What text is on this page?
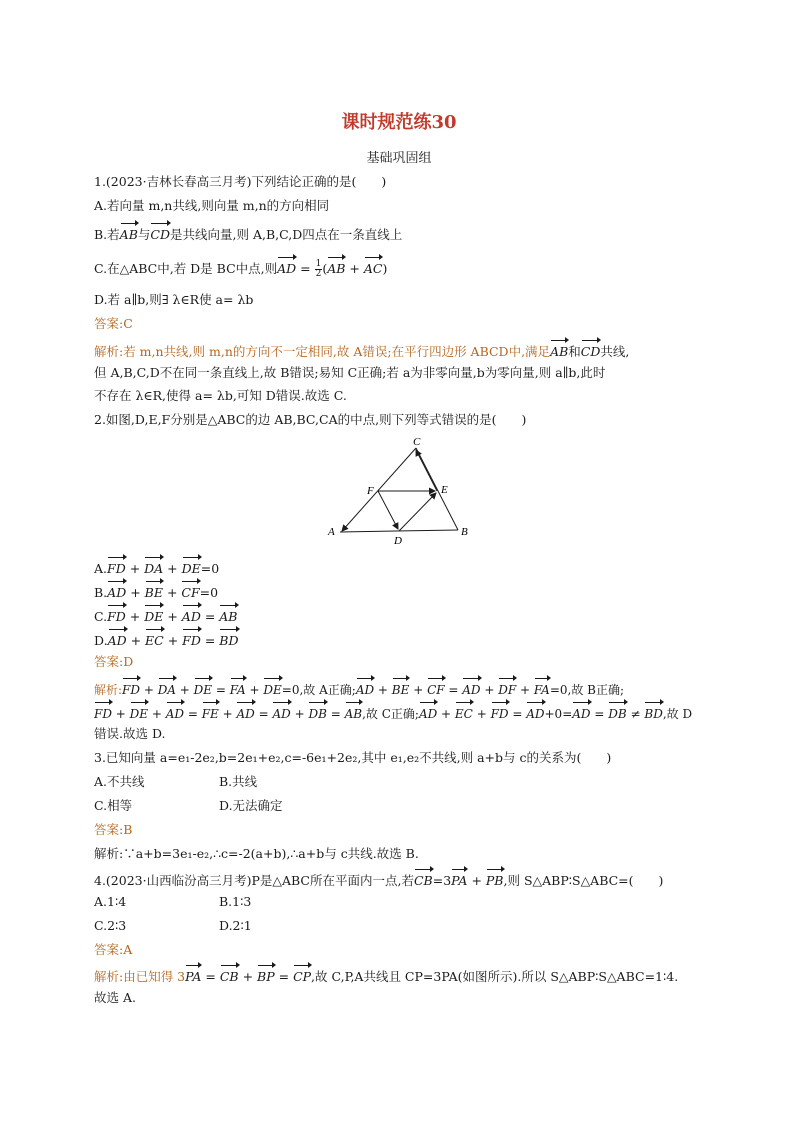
课时规范练30
基础巩固组
1.(2023·吉林长春高三月考)下列结论正确的是(　　)
A.若向量 m,n共线,则向量 m,n的方向相同
B.若AB与CD是共线向量,则 A,B,C,D四点在一条直线上
C.在△ABC中,若 D是 BC中点,则AD = $\frac{1}{2} (AB + AC)$
D.若 a∥b,则∃ λ∈R使 a= λb
答案:C
解析:若 m,n共线,则 m,n的方向不一定相同,故 A错误;在平行四边形 ABCD中,满足AB和CD共线,
但 A,B,C,D不在同一条直线上,故 B错误;易知 C正确;若 a为非零向量,b为零向量,则 a∥b,此时
不存在 λ∈R,使得 a= λb,可知 D错误.故选 C.
2.如图,D,E,F分别是△ABC的边 AB,BC,CA的中点,则下列等式错误的是(　　)
C
F	E
A
D
B
A.FD + DA + DE=0
B.AD + BE + CF=0
C.FD + DE + AD = AB
D.AD + EC + FD = BD
答案:D
解析:FD + DA + DE = FA + DE=0,故 A正确;AD + BE + CF = AD + DF + FA=0,故 B正确;
FD + DE + AD = FE + AD = AD + DB = AB,故 C正确;AD + EC + FD = AD+0=AD = DB ≠ BD,故 D
错误.故选 D.
3.已知向量 a=e₁-2e₂,b=2e₁+e₂,c=-6e₁+2e₂,其中 e₁,e₂不共线,则 a+b与 c的关系为(　　)
A.不共线	B.共线
C.相等	D.无法确定
答案:B
解析:∵a+b=3e₁-e₂,∴c=-2(a+b),∴a+b与 c共线.故选 B.
4.(2023·山西临汾高三月考)P是△ABC所在平面内一点,若CB=3PA + PB,则 S△ABP∶S△ABC=(　　)
A.1∶4	B.1∶3
C.2∶3	D.2∶1
答案:A
解析:由已知得 3PA = CB + BP = CP,故 C,P,A共线且 CP=3PA(如图所示).所以 S△ABP∶S△ABC=1∶4.
故选 A.
